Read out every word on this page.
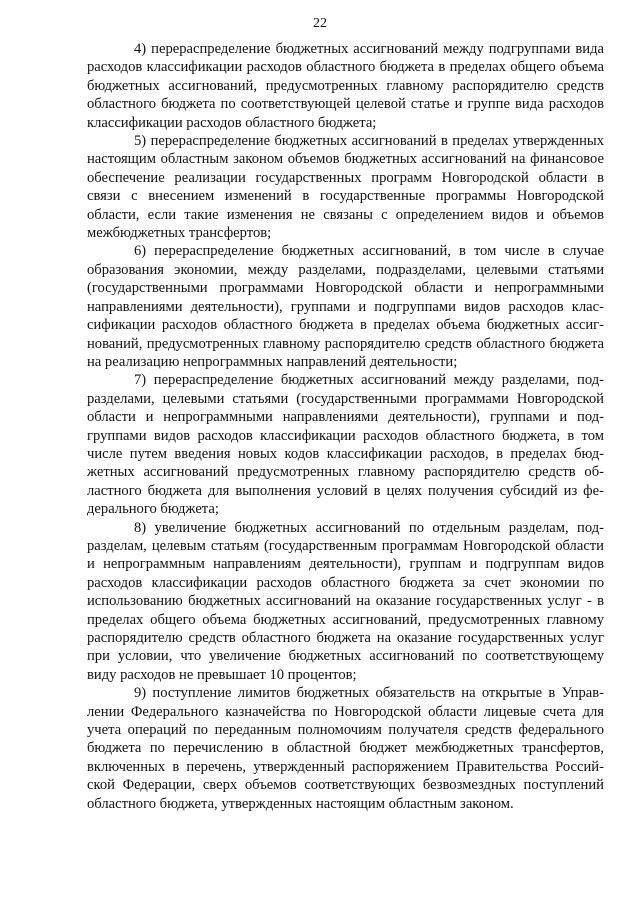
22

4) перераспределение бюджетных ассигнований между подгруппами вида расходов классификации расходов областного бюджета в пределах общего объема бюджетных ассигнований, предусмотренных главному распорядителю средств областного бюджета по соответствующей целевой статье и группе вида расходов классификации расходов областного бюджета;

5) перераспределение бюджетных ассигнований в пределах утвержденных настоящим областным законом объемов бюджетных ассигнований на финансовое обеспечение реализации государственных программ Новгородской области в связи с внесением изменений в государственные программы Новгородской области, если такие изменения не связаны с определением видов и объемов межбюджетных трансфертов;

6) перераспределение бюджетных ассигнований, в том числе в случае образования экономии, между разделами, подразделами, целевыми статьями (государственными программами Новгородской области и непрограммными направлениями деятельности), группами и подгруппами видов расходов классификации расходов областного бюджета в пределах объема бюджетных ассигнований, предусмотренных главному распорядителю средств областного бюджета на реализацию непрограммных направлений деятельности;

7) перераспределение бюджетных ассигнований между разделами, подразделами, целевыми статьями (государственными программами Новгородской области и непрограммными направлениями деятельности), группами и подгруппами видов расходов классификации расходов областного бюджета, в том числе путем введения новых кодов классификации расходов, в пределах бюджетных ассигнований предусмотренных главному распорядителю средств областного бюджета для выполнения условий в целях получения субсидий из федерального бюджета;

8) увеличение бюджетных ассигнований по отдельным разделам, подразделам, целевым статьям (государственным программам Новгородской области и непрограммным направлениям деятельности), группам и подгруппам видов расходов классификации расходов областного бюджета за счет экономии по использованию бюджетных ассигнований на оказание государственных услуг - в пределах общего объема бюджетных ассигнований, предусмотренных главному распорядителю средств областного бюджета на оказание государственных услуг при условии, что увеличение бюджетных ассигнований по соответствующему виду расходов не превышает 10 процентов;

9) поступление лимитов бюджетных обязательств на открытые в Управлении Федерального казначейства по Новгородской области лицевые счета для учета операций по переданным полномочиям получателя средств федерального бюджета по перечислению в областной бюджет межбюджетных трансфертов, включенных в перечень, утвержденный распоряжением Правительства Российской Федерации, сверх объемов соответствующих безвозмездных поступлений областного бюджета, утвержденных настоящим областным законом.
